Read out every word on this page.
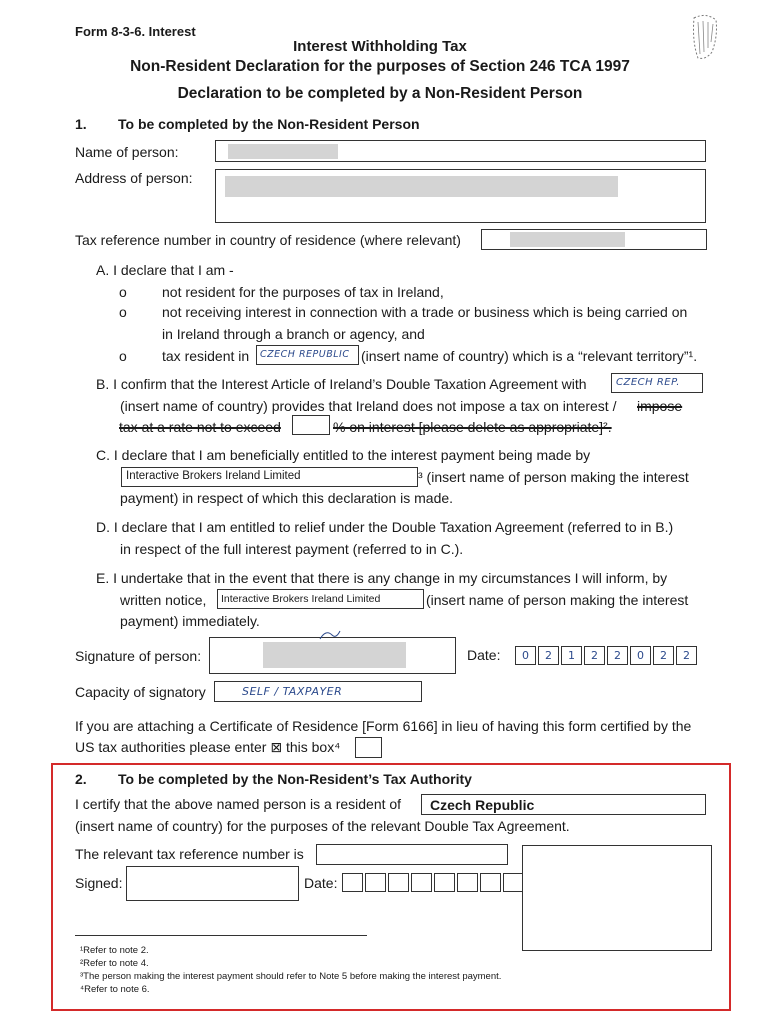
Form 8-3-6. Interest
Interest Withholding Tax
Non-Resident Declaration for the purposes of Section 246 TCA 1997
Declaration to be completed by a Non-Resident Person
1. To be completed by the Non-Resident Person
Name of person:
Address of person:
Tax reference number in country of residence (where relevant)
A. I declare that I am -
o	not resident for the purposes of tax in Ireland,
o	not receiving interest in connection with a trade or business which is being carried on
in Ireland through a branch or agency, and
o	tax resident in CZECH REPUBLIC (insert name of country) which is a “relevant territory”¹.
B. I confirm that the Interest Article of Ireland’s Double Taxation Agreement with	CZECH REP.
(insert name of country) provides that Ireland does not impose a tax on interest / impose
tax at a rate not to exceed	% on interest [please delete as appropriate]².
C. I declare that I am beneficially entitled to the interest payment being made by
Interactive Brokers Ireland Limited	³ (insert name of person making the interest
payment) in respect of which this declaration is made.
D. I declare that I am entitled to relief under the Double Taxation Agreement (referred to in B.)
in respect of the full interest payment (referred to in C.).
E. I undertake that in the event that there is any change in my circumstances I will inform, by
written notice, Interactive Brokers Ireland Limited	(insert name of person making the interest
payment) immediately.
Signature of person:	Date:	0	2	1	2	2	0	2	2
Capacity of signatory	SELF / TAXPAYER
If you are attaching a Certificate of Residence [Form 6166] in lieu of having this form certified by the
US tax authorities please enter ⊠ this box⁴
2. To be completed by the Non-Resident’s Tax Authority
I certify that the above named person is a resident of Czech Republic
(insert name of country) for the purposes of the relevant Double Tax Agreement.
The relevant tax reference number is
Signed:	Date:
¹Refer to note 2.
²Refer to note 4.
³The person making the interest payment should refer to Note 5 before making the interest payment.
⁴Refer to note 6.
